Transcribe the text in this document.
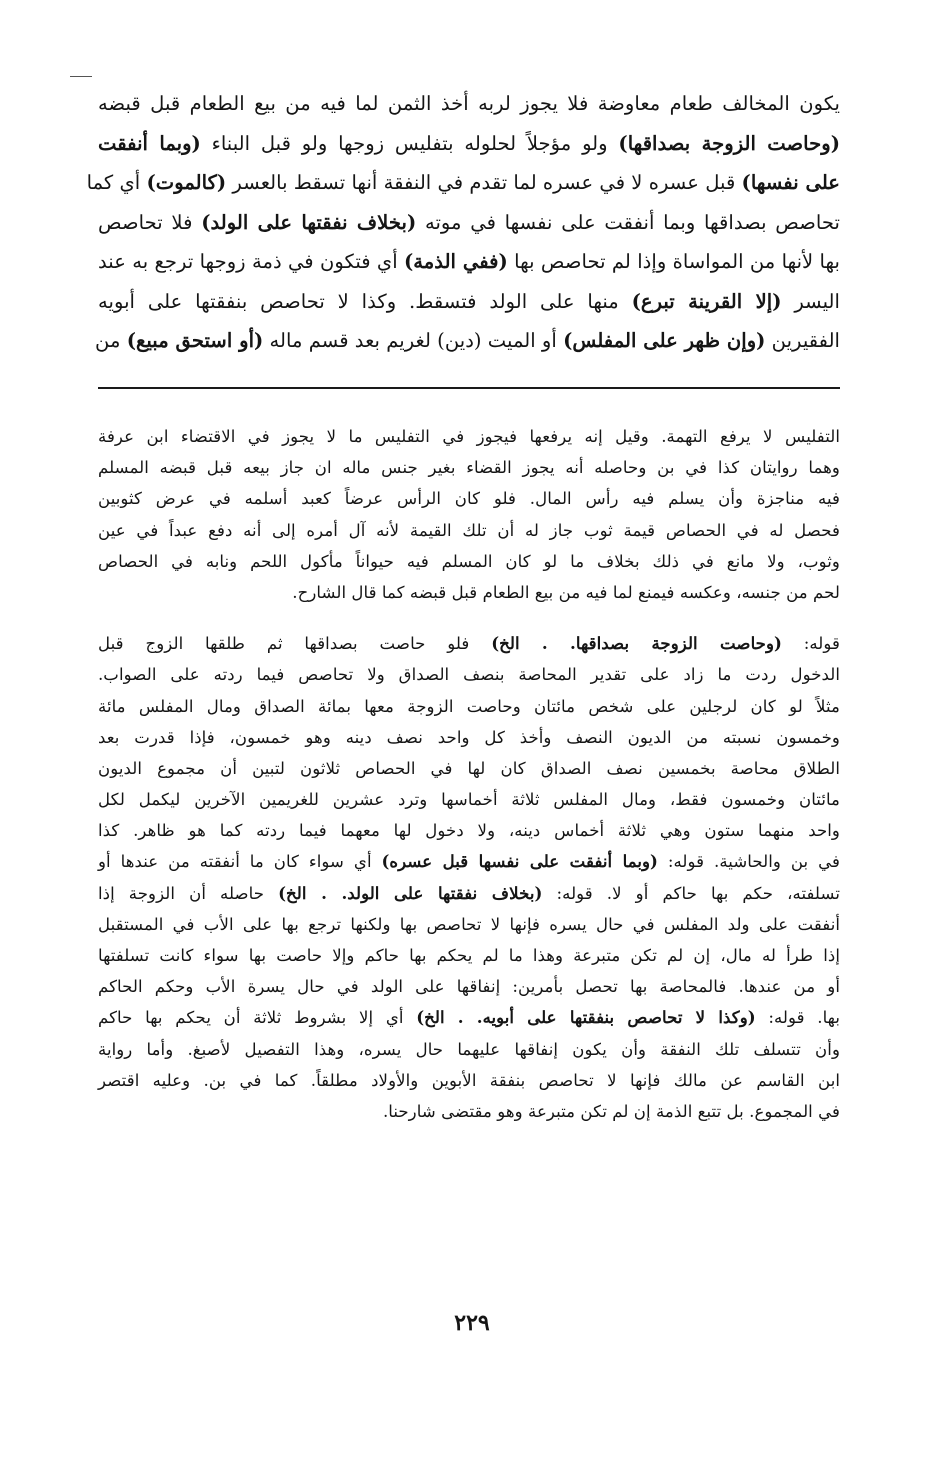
يكون المخالف طعام معاوضة فلا يجوز لربه أخذ الثمن لما فيه من بيع الطعام قبل قبضه
(وحاصت الزوجة بصداقها) ولو مؤجلاً لحلوله بتفليس زوجها ولو قبل البناء (وبما أنفقت
على نفسها) قبل عسره لا في عسره لما تقدم في النفقة أنها تسقط بالعسر (كالموت) أي كما
تحاصص بصداقها وبما أنفقت على نفسها في موته (بخلاف نفقتها على الولد) فلا تحاصص
بها لأنها من المواساة وإذا لم تحاصص بها (ففي الذمة) أي فتكون في ذمة زوجها ترجع به عند
اليسر (إلا القرينة تبرع) منها على الولد فتسقط. وكذا لا تحاصص بنفقتها على أبويه
الفقيرين (وإن ظهر على المفلس) أو الميت (دين) لغريم بعد قسم ماله (أو استحق مبيع) من
التفليس لا يرفع التهمة. وقيل إنه يرفعها فيجوز في التفليس ما لا يجوز في الاقتضاء ابن عرفة
وهما روايتان كذا في بن وحاصله أنه يجوز القضاء بغير جنس ماله ان جاز بيعه قبل قبضه المسلم
فيه مناجزة وأن يسلم فيه رأس المال. فلو كان الرأس عرضاً كعبد أسلمه في عرض كثوبين
فحصل له في الحصاص قيمة ثوب جاز له أن تلك القيمة لأنه آل أمره إلى أنه دفع عبداً في عين
وثوب، ولا مانع في ذلك بخلاف ما لو كان المسلم فيه حيواناً مأكول اللحم ونابه في الحصاص
لحم من جنسه، وعكسه فيمنع لما فيه من بيع الطعام قبل قبضه كما قال الشارح.
قوله: (وحاصت الزوجة بصداقها. . الخ) فلو حاصت بصداقها ثم طلقها الزوج قبل
الدخول ردت ما زاد على تقدير المحاصة بنصف الصداق ولا تحاصص فيما ردته على الصواب.
مثلاً لو كان لرجلين على شخص مائتان وحاصت الزوجة معها بمائة الصداق ومال المفلس مائة
وخمسون نسبته من الديون النصف وأخذ كل واحد نصف دينه وهو خمسون، فإذا قدرت بعد
الطلاق محاصة بخمسين نصف الصداق كان لها في الحصاص ثلاثون لتبين أن مجموع الديون
مائتان وخمسون فقط، ومال المفلس ثلاثة أخماسها وترد عشرين للغريمين الآخرين ليكمل لكل
واحد منهما ستون وهي ثلاثة أخماس دينه، ولا دخول لها معهما فيما ردته كما هو ظاهر. كذا
في بن والحاشية. قوله: (وبما أنفقت على نفسها قبل عسره) أي سواء كان ما أنفقته من عندها أو
تسلفته، حكم بها حاكم أو لا. قوله: (بخلاف نفقتها على الولد. . الخ) حاصله أن الزوجة إذا
أنفقت على ولد المفلس في حال يسره فإنها لا تحاصص بها ولكنها ترجع بها على الأب في المستقبل
إذا طرأ له مال، إن لم تكن متبرعة وهذا ما لم يحكم بها حاكم وإلا حاصت بها سواء كانت تسلفتها
أو من عندها. فالمحاصة بها تحصل بأمرين: إنفاقها على الولد في حال يسرة الأب وحكم الحاكم
بها. قوله: (وكذا لا تحاصص بنفقتها على أبويه. . الخ) أي إلا بشروط ثلاثة أن يحكم بها حاكم
وأن تتسلف تلك النفقة وأن يكون إنفاقها عليهما حال يسره، وهذا التفصيل لأصبغ. وأما رواية
ابن القاسم عن مالك فإنها لا تحاصص بنفقة الأبوين والأولاد مطلقاً. كما في بن. وعليه اقتصر
في المجموع. بل تتبع الذمة إن لم تكن متبرعة وهو مقتضى شارحنا.
٢٢٩
